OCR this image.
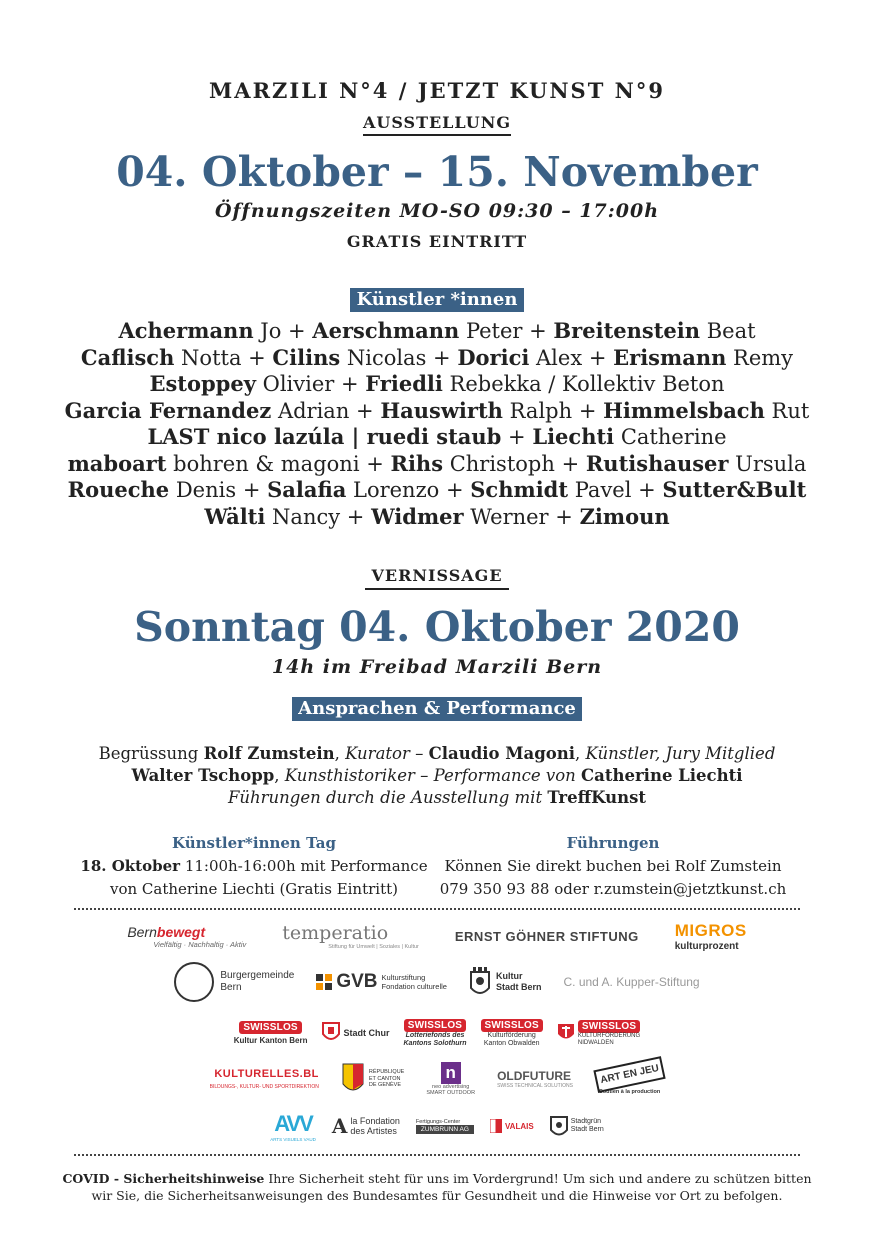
MARZILI N°4 / JETZT KUNST N°9
AUSSTELLUNG
04. Oktober – 15. November
Öffnungszeiten MO-SO 09:30 – 17:00h
GRATIS EINTRITT
Künstler *innen
Achermann Jo + Aerschmann Peter + Breitenstein Beat
Caflisch Notta + Cilins Nicolas + Dorici Alex + Erismann Remy
Estoppey Olivier + Friedli Rebekka / Kollektiv Beton
Garcia Fernandez Adrian + Hauswirth Ralph + Himmelsbach Rut
LAST nico lazúla | ruedi staub + Liechti Catherine
maboart bohren & magoni + Rihs Christoph + Rutishauser Ursula
Roueche Denis + Salafia Lorenzo + Schmidt Pavel + Sutter&Bult
Wälti Nancy + Widmer Werner + Zimoun
VERNISSAGE
Sonntag 04. Oktober 2020
14h im Freibad Marzili Bern
Ansprachen & Performance
Begrüssung Rolf Zumstein, Kurator – Claudio Magoni, Künstler, Jury Mitglied
Walter Tschopp, Kunsthistoriker – Performance von Catherine Liechti
Führungen durch die Ausstellung mit TreffKunst
Künstler*innen Tag
18. Oktober 11:00h-16:00h mit Performance
von Catherine Liechti (Gratis Eintritt)
Führungen
Können Sie direkt buchen bei Rolf Zumstein
079 350 93 88 oder r.zumstein@jetztkunst.ch
Bernbewegt
Vielfältig · Nachhaltig · Aktiv temperatio
Stiftung für Umwelt | Soziales | Kultur
ERNST GÖHNER STIFTUNG MIGROS
kulturprozent
Burgergemeinde
Bern	GVB Kulturstiftung
Fondation culturelle
Kultur
Stadt Bern C. und A. Kupper-Stiftung
SWISSLOS
Kultur Kanton Bern
Stadt Chur
SWISSLOS
Lotteriefonds des
Kantons Solothurn
SWISSLOS
Kulturförderung
Kanton Obwalden
SWISSLOS
KULTURFÖRDERUNG
NIDWALDEN
KULTURELLES.BL
BILDUNGS-, KULTUR- UND SPORTDIREKTION
RÉPUBLIQUE
ET CANTON
DE GENÈVE
n
neo advertising
SMART OUTDOOR
OLDFUTURE
SWISS TECHNICAL SOLUTIONS	ART EN JEU
Soutien à la production
AVV
ARTS VISUELS VAUD
A la Fondation
des Artistes
Fertigungs-Center
ZUMBRUNN AG	VALAIS
Stadtgrün
Stadt Bern
COVID - Sicherheitshinweise Ihre Sicherheit steht für uns im Vordergrund! Um sich und andere zu schützen bitten
wir Sie, die Sicherheitsanweisungen des Bundesamtes für Gesundheit und die Hinweise vor Ort zu befolgen.
